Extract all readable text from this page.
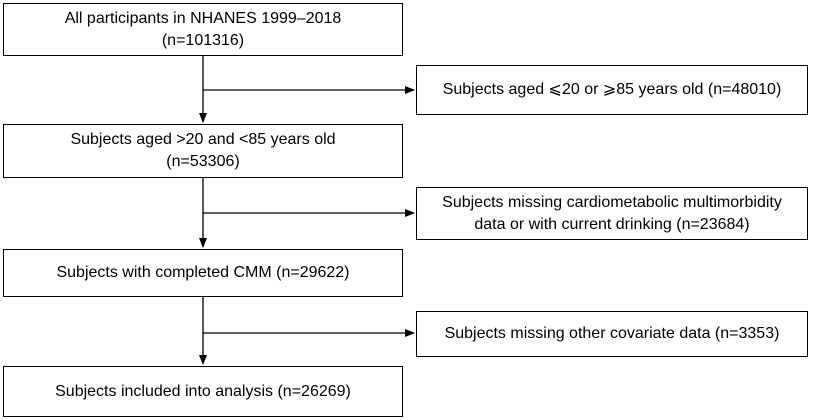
All participants in NHANES 1999–2018
(n=101316)
Subjects aged >20 and <85 years old
(n=53306)
Subjects with completed CMM (n=29622)
Subjects included into analysis (n=26269)
Subjects aged ⩽20 or ⩾85 years old (n=48010)
Subjects missing cardiometabolic multimorbidity
data or with current drinking (n=23684)
Subjects missing other covariate data (n=3353)
